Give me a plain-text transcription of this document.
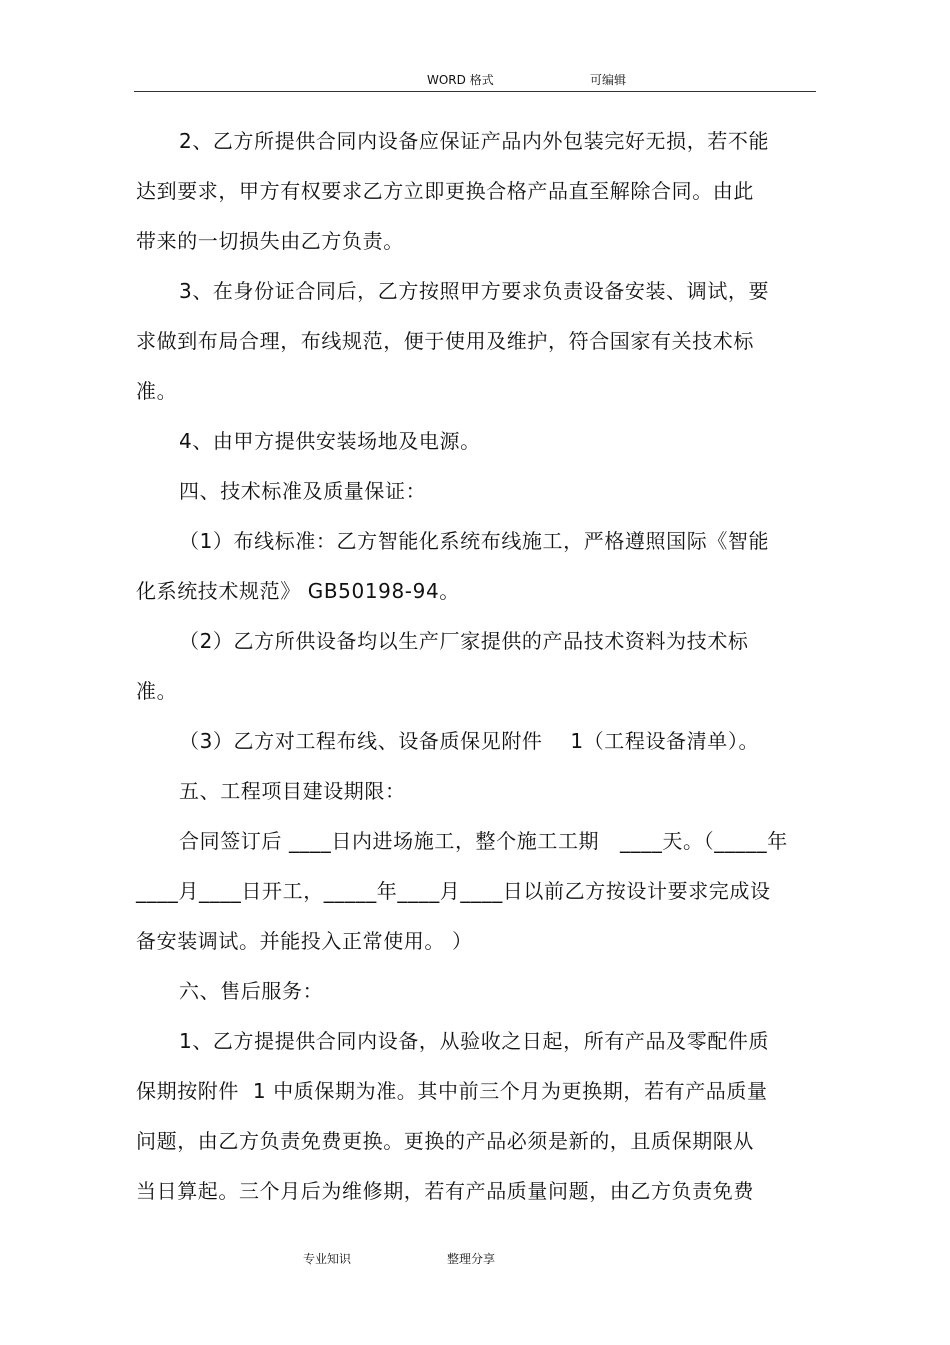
WORD 格式	可编辑
2、乙方所提供合同内设备应保证产品内外包装完好无损，若不能
达到要求，甲方有权要求乙方立即更换合格产品直至解除合同。由此
带来的一切损失由乙方负责。
3、在身份证合同后，乙方按照甲方要求负责设备安装、调试，要
求做到布局合理，布线规范，便于使用及维护，符合国家有关技术标
准。
4、由甲方提供安装场地及电源。
四、技术标准及质量保证：
（1）布线标准：乙方智能化系统布线施工，严格遵照国际《智能
化系统技术规范》 GB50198-94。
（2）乙方所供设备均以生产厂家提供的产品技术资料为技术标
准。
（3）乙方对工程布线、设备质保见附件    1（工程设备清单）。
五、工程项目建设期限：
合同签订后 ____日内进场施工，整个施工工期   ____天。（_____年
____月____日开工，_____年____月____日以前乙方按设计要求完成设
备安装调试。并能投入正常使用。 ）
六、售后服务：
1、乙方提提供合同内设备，从验收之日起，所有产品及零配件质
保期按附件  1 中质保期为准。其中前三个月为更换期，若有产品质量
问题，由乙方负责免费更换。更换的产品必须是新的，且质保期限从
当日算起。三个月后为维修期，若有产品质量问题，由乙方负责免费
专业知识	整理分享
